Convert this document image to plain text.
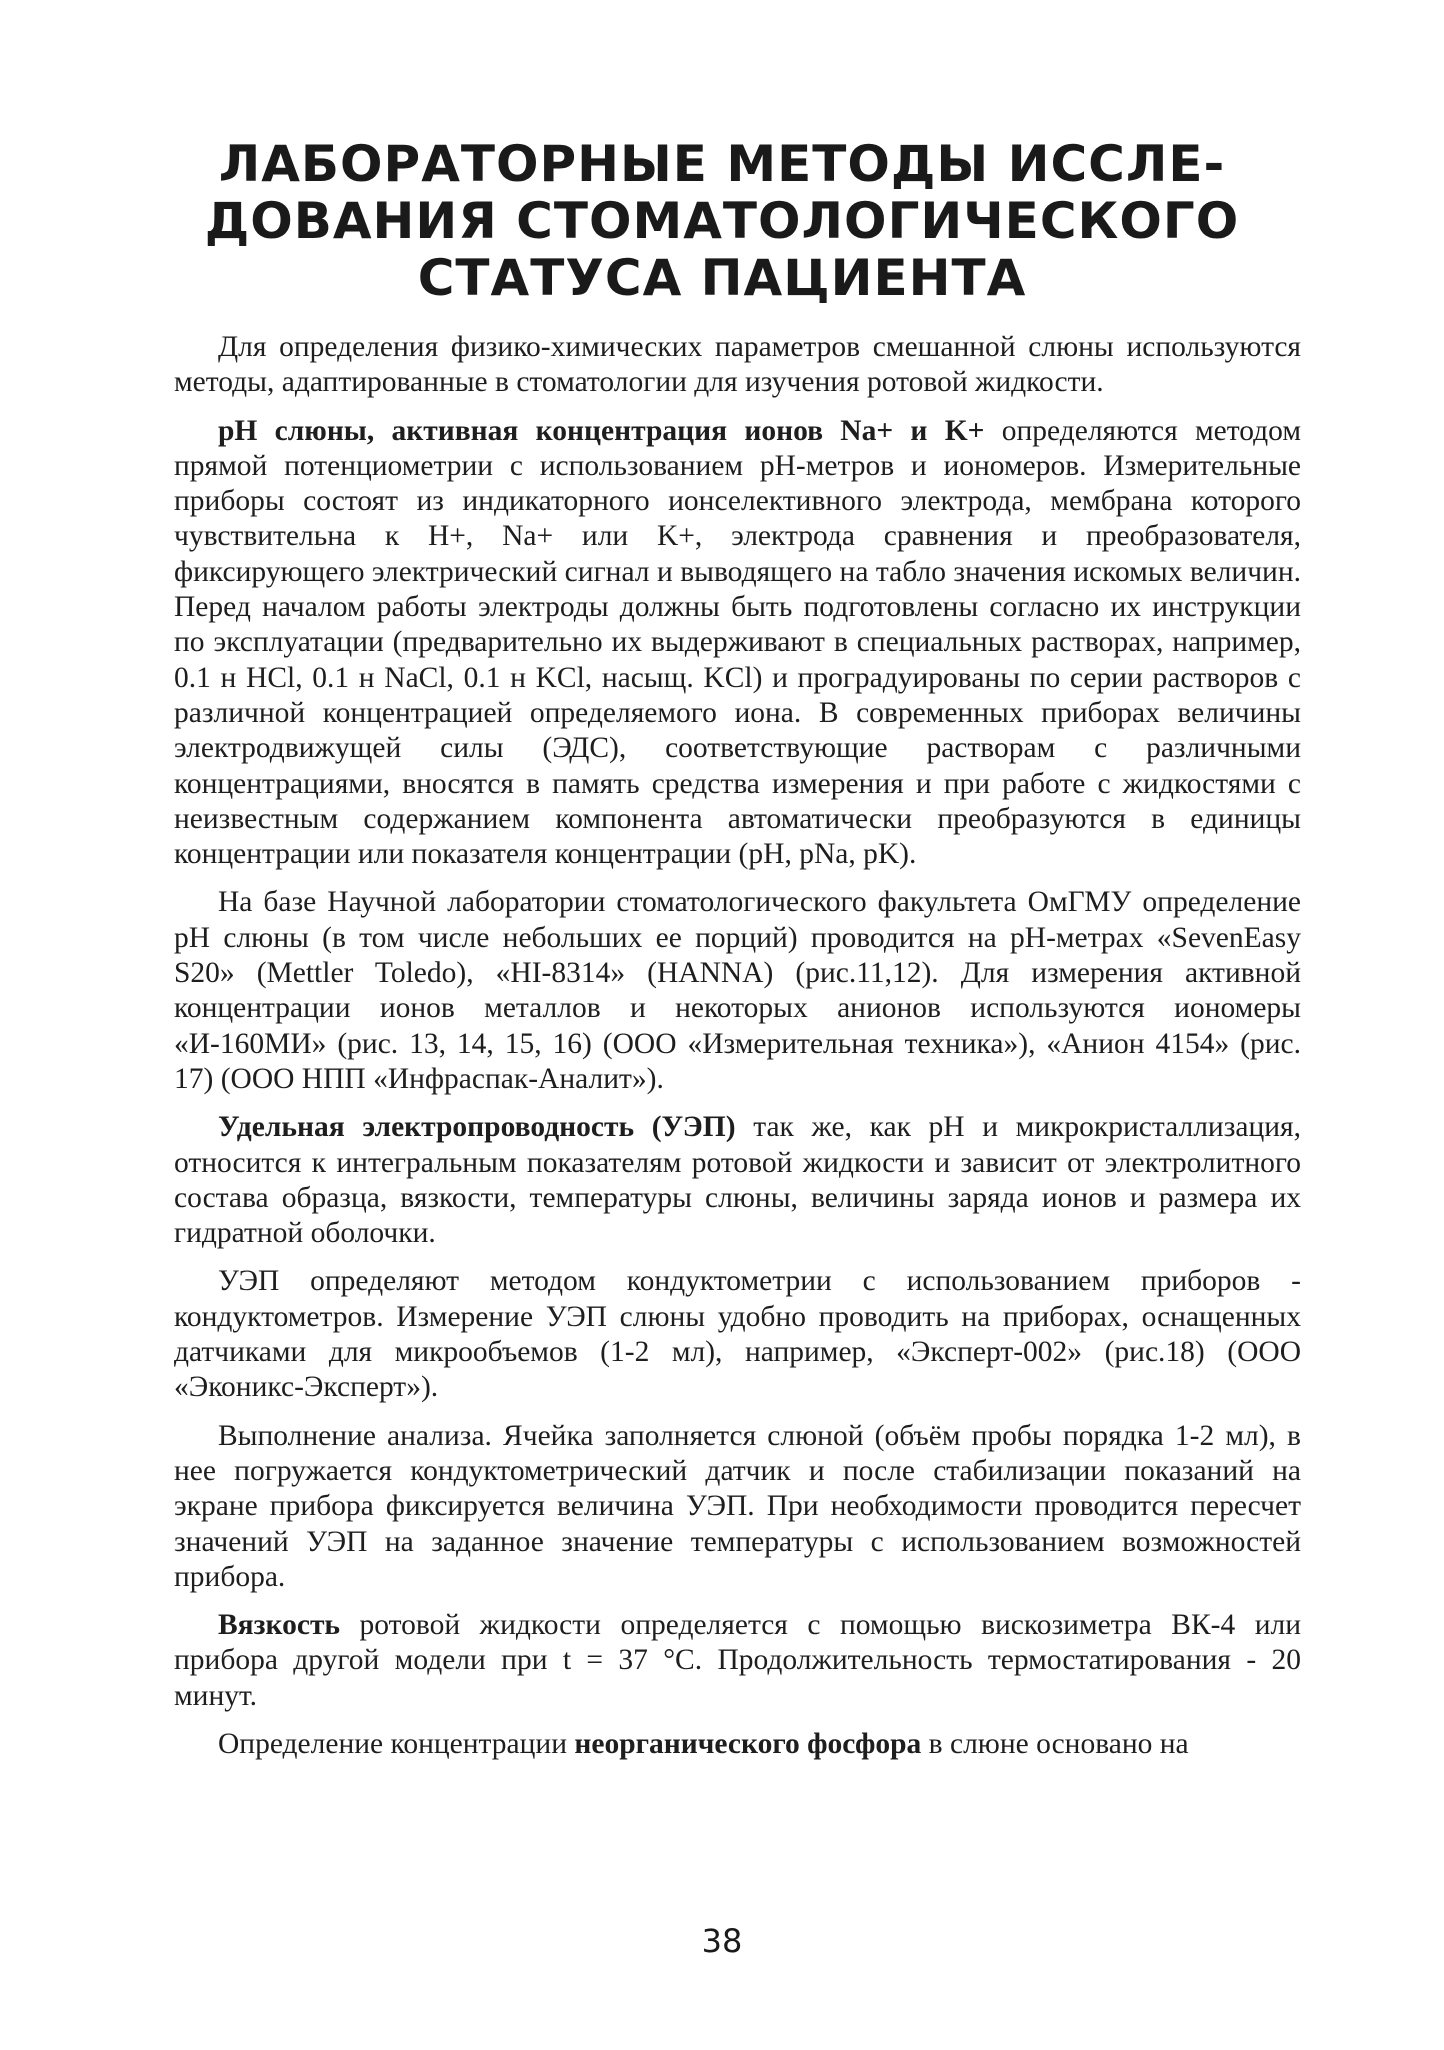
ЛАБОРАТОРНЫЕ МЕТОДЫ ИССЛЕ-
ДОВАНИЯ СТОМАТОЛОГИЧЕСКОГО
СТАТУСА ПАЦИЕНТА

Для определения физико-химических параметров смешанной слюны используются методы, адаптированные в стоматологии для изучения ротовой жидкости.

pH слюны, активная концентрация ионов Na+ и K+ определяются методом прямой потенциометрии с использованием pH-метров и иономеров. Измерительные приборы состоят из индикаторного ионселективного электрода, мембрана которого чувствительна к H+, Na+ или K+, электрода сравнения и преобразователя, фиксирующего электрический сигнал и выводящего на табло значения искомых величин. Перед началом работы электроды должны быть подготовлены согласно их инструкции по эксплуатации (предварительно их выдерживают в специальных растворах, например, 0.1 н HCl, 0.1 н NaCl, 0.1 н KCl, насыщ. KCl) и проградуированы по серии растворов с различной концентрацией определяемого иона. В современных приборах величины электродвижущей силы (ЭДС), соответствующие растворам с различными концентрациями, вносятся в память средства измерения и при работе с жидкостями с неизвестным содержанием компонента автоматически преобразуются в единицы концентрации или показателя концентрации (pH, pNa, pK).

На базе Научной лаборатории стоматологического факультета ОмГМУ определение pH слюны (в том числе небольших ее порций) проводится на pH-метрах «SevenEasy S20» (Mettler Toledo), «HI-8314» (HANNA) (рис.11,12). Для измерения активной концентрации ионов металлов и некоторых анионов используются иономеры «И-160МИ» (рис. 13, 14, 15, 16) (ООО «Измерительная техника»), «Анион 4154» (рис. 17) (ООО НПП «Инфраспак-Аналит»).

Удельная электропроводность (УЭП) так же, как pH и микрокристаллизация, относится к интегральным показателям ротовой жидкости и зависит от электролитного состава образца, вязкости, температуры слюны, величины заряда ионов и размера их гидратной оболочки.

УЭП определяют методом кондуктометрии с использованием приборов - кондуктометров. Измерение УЭП слюны удобно проводить на приборах, оснащенных датчиками для микрообъемов (1-2 мл), например, «Эксперт-002» (рис.18) (ООО «Эконикс-Эксперт»).

Выполнение анализа. Ячейка заполняется слюной (объём пробы порядка 1-2 мл), в нее погружается кондуктометрический датчик и после стабилизации показаний на экране прибора фиксируется величина УЭП. При необходимости проводится пересчет значений УЭП на заданное значение температуры с использованием возможностей прибора.

Вязкость ротовой жидкости определяется с помощью вискозиметра ВК-4 или прибора другой модели при t = 37 °C. Продолжительность термостатирования - 20 минут.

Определение концентрации неорганического фосфора в слюне основано на

38
